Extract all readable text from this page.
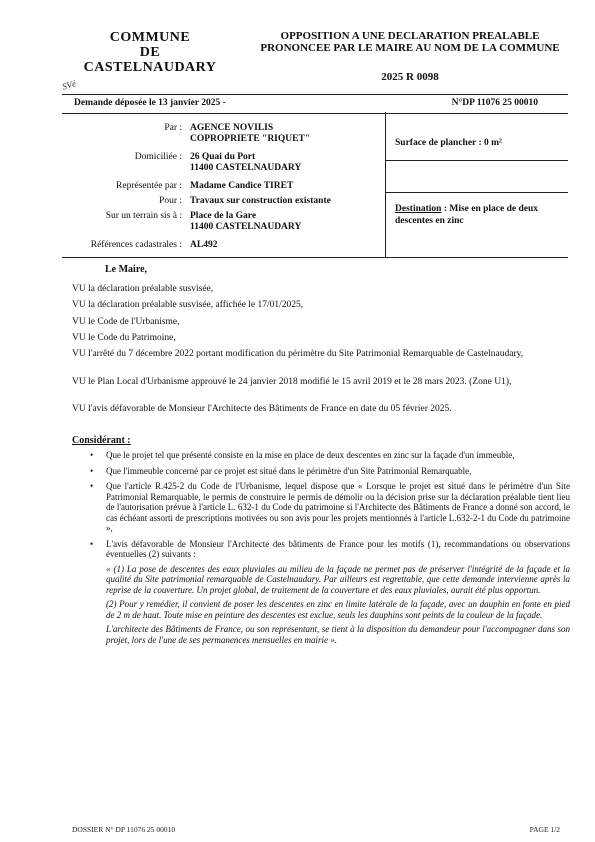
COMMUNE
DE
CASTELNAUDARY
OPPOSITION A UNE DECLARATION PREALABLE
PRONONCEE PAR LE MAIRE AU NOM DE LA COMMUNE
2025 R 0098
SVé
Demande déposée le 13 janvier 2025 -	N°DP 11076 25 00010
Par : AGENCE NOVILIS
COPROPRIETE "RIQUET"
Domiciliée : 26 Quai du Port
11400 CASTELNAUDARY
Représentée par : Madame Candice TIRET
Pour : Travaux sur construction existante
Sur un terrain sis à : Place de la Gare
11400 CASTELNAUDARY
Références cadastrales : AL492
Surface de plancher : 0 m²
Destination : Mise en place de deux descentes en zinc
Le Maire,
VU la déclaration préalable susvisée,
VU la déclaration préalable susvisée, affichée le 17/01/2025,
VU le Code de l'Urbanisme,
VU le Code du Patrimoine,
VU l'arrêté du 7 décembre 2022 portant modification du périmètre du Site Patrimonial Remarquable de Castelnaudary,
VU le Plan Local d'Urbanisme approuvé le 24 janvier 2018 modifié le 15 avril 2019 et le 28 mars 2023. (Zone U1),
VU l'avis défavorable de Monsieur l'Architecte des Bâtiments de France en date du 05 février 2025.
Considérant :
• Que le projet tel que présenté consiste en la mise en place de deux descentes en zinc sur la façade d'un immeuble,
• Que l'immeuble concerné par ce projet est situé dans le périmètre d'un Site Patrimonial Remarquable,
• Que l'article R.425-2 du Code de l'Urbanisme, lequel dispose que « Lorsque le projet est situé dans le périmètre d'un Site Patrimonial Remarquable, le permis de construire le permis de démolir ou la décision prise sur la déclaration préalable tient lieu de l'autorisation prévue à l'article L. 632-1 du Code du patrimoine si l'Architecte des Bâtiments de France a donné son accord, le cas échéant assorti de prescriptions motivées ou son avis pour les projets mentionnés à l'article L.632-2-1 du Code du patrimoine »,
• L'avis défavorable de Monsieur l'Architecte des bâtiments de France pour les motifs (1), recommandations ou observations éventuelles (2) suivants :
« (1) La pose de descentes des eaux pluviales au milieu de la façade ne permet pas de préserver l'intégrité de la façade et la qualité du Site patrimonial remarquable de Castelnaudary. Par ailleurs est regrettable, que cette demande intervienne après la reprise de la couverture. Un projet global, de traitement de la couverture et des eaux pluviales, aurait été plus opportun.
(2) Pour y remédier, il convient de poser les descentes en zinc en limite latérale de la façade, avec un dauphin en fonte en pied de 2 m de haut. Toute mise en peinture des descentes est exclue, seuls les dauphins sont peints de la couleur de la façade.
L'architecte des Bâtiments de France, ou son représentant, se tient à la disposition du demandeur pour l'accompagner dans son projet, lors de l'une de ses permanences mensuelles en mairie ».
DOSSIER N° DP 11076 25 00010	PAGE 1/2
